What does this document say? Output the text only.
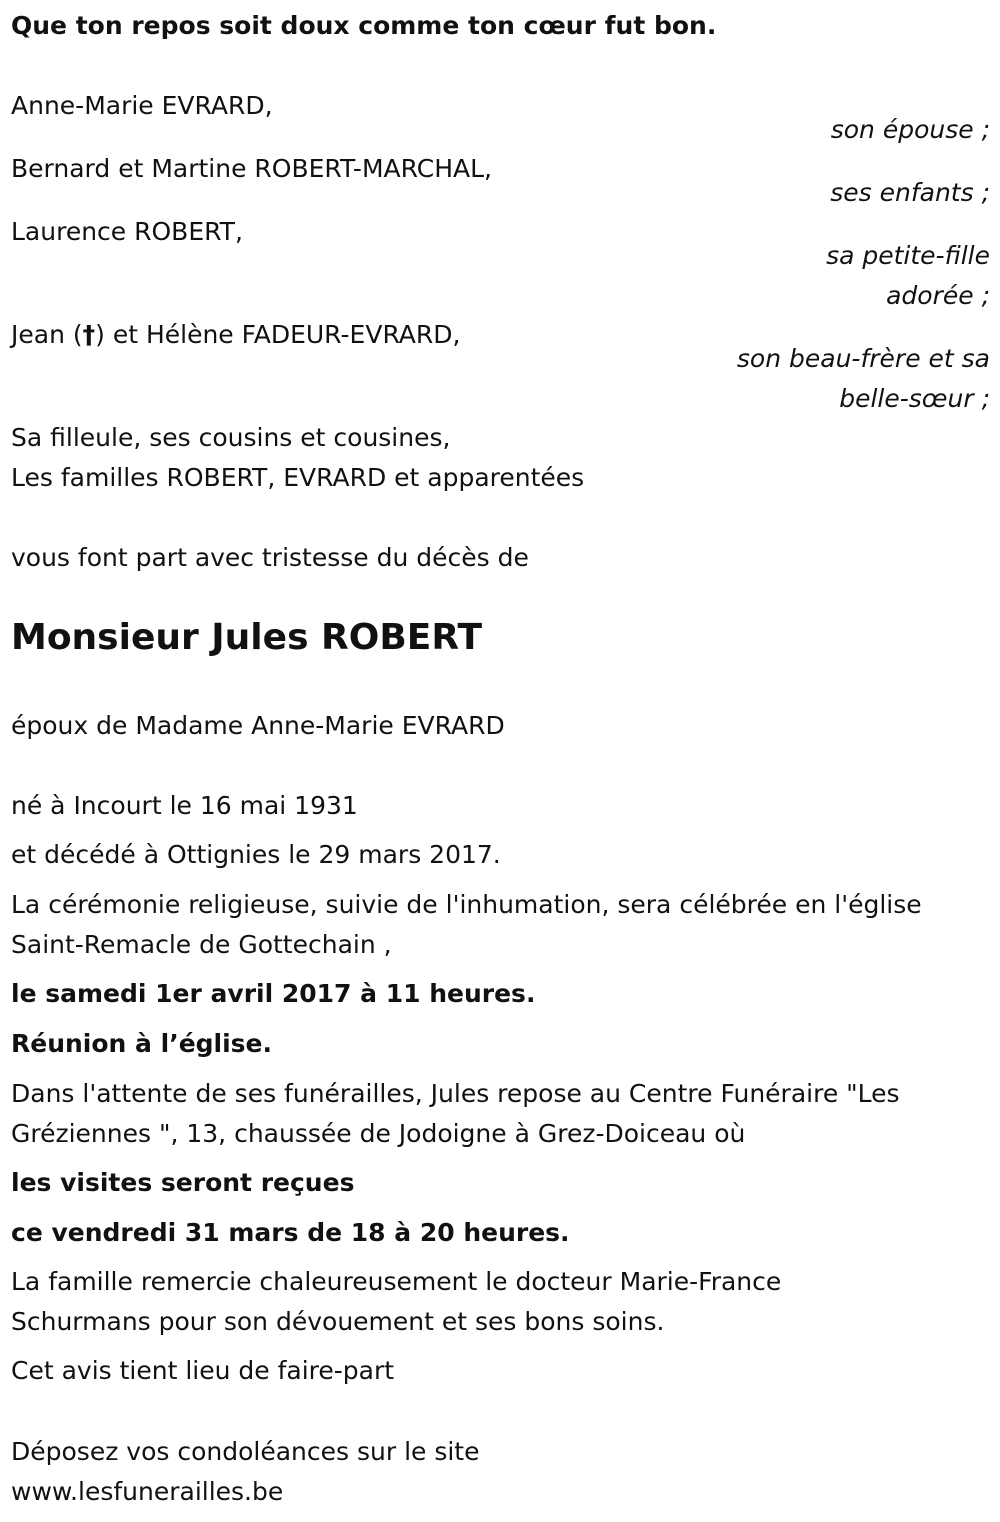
Que ton repos soit doux comme ton cœur fut bon.
Anne-Marie EVRARD,
son épouse ;
Bernard et Martine ROBERT-MARCHAL,
ses enfants ;
Laurence ROBERT,
sa petite-fille
adorée ;
Jean (†) et Hélène FADEUR-EVRARD,
son beau-frère et sa
belle-sœur ;
Sa filleule, ses cousins et cousines,
Les familles ROBERT, EVRARD et apparentées
vous font part avec tristesse du décès de
Monsieur Jules ROBERT
époux de Madame Anne-Marie EVRARD
né à Incourt le 16 mai 1931
et décédé à Ottignies le 29 mars 2017.
La cérémonie religieuse, suivie de l'inhumation, sera célébrée en l'église
Saint-Remacle de Gottechain ,
le samedi 1er avril 2017 à 11 heures.
Réunion à l’église.
Dans l'attente de ses funérailles, Jules repose au Centre Funéraire "Les
Gréziennes ", 13, chaussée de Jodoigne à Grez-Doiceau où
les visites seront reçues
ce vendredi 31 mars de 18 à 20 heures.
La famille remercie chaleureusement le docteur Marie-France
Schurmans pour son dévouement et ses bons soins.
Cet avis tient lieu de faire-part
Déposez vos condoléances sur le site
www.lesfunerailles.be
